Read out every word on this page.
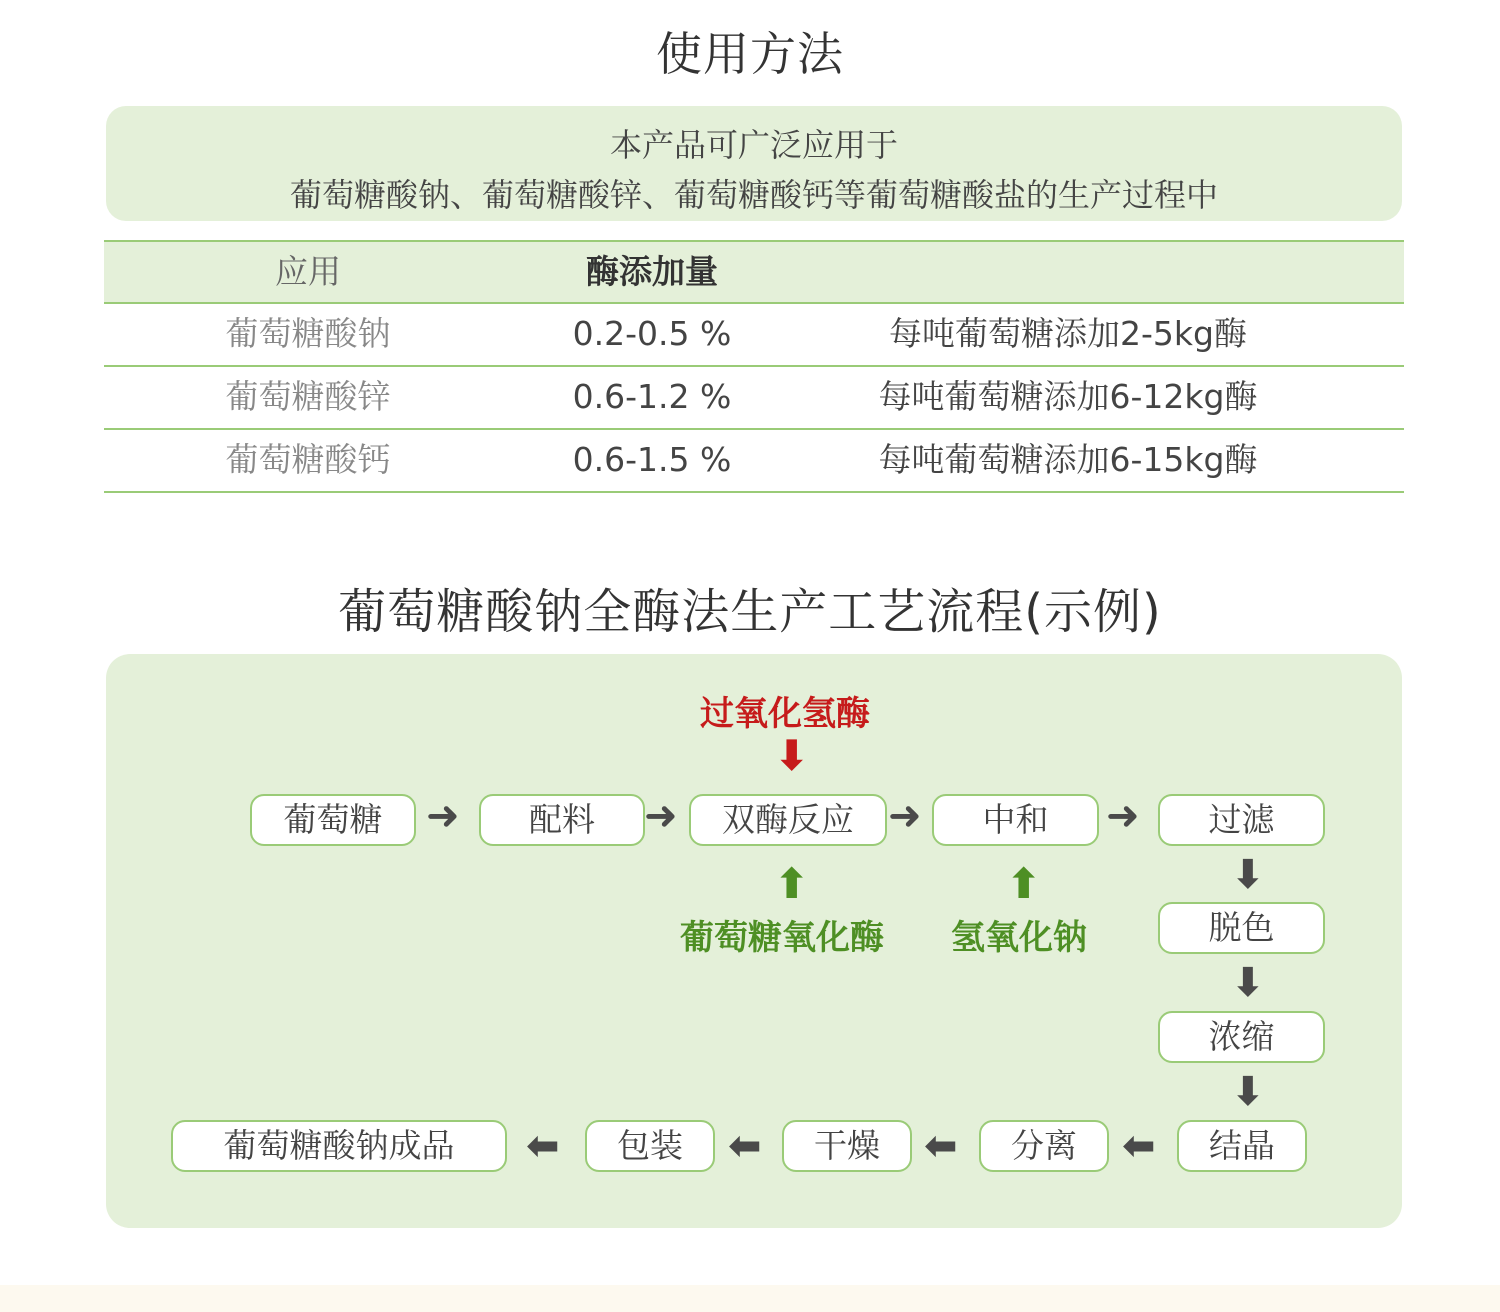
使用方法
本产品可广泛应用于
葡萄糖酸钠、葡萄糖酸锌、葡萄糖酸钙等葡萄糖酸盐的生产过程中
应用	酶添加量
葡萄糖酸钠	0.2-0.5 %	每吨葡萄糖添加2-5kg酶
葡萄糖酸锌	0.6-1.2 %	每吨葡萄糖添加6-12kg酶
葡萄糖酸钙	0.6-1.5 %	每吨葡萄糖添加6-15kg酶
葡萄糖酸钠全酶法生产工艺流程(示例)
过氧化氢酶
⬇
葡萄糖	➜	配料	➜	双酶反应 ➜	中和	➜	过滤
⬆
葡萄糖氧化酶
⬆
氢氧化钠
⬇
脱色
⬇
浓缩
⬇
结晶
⬅
分离
⬅
干燥
⬅
包装
⬅
葡萄糖酸钠成品
